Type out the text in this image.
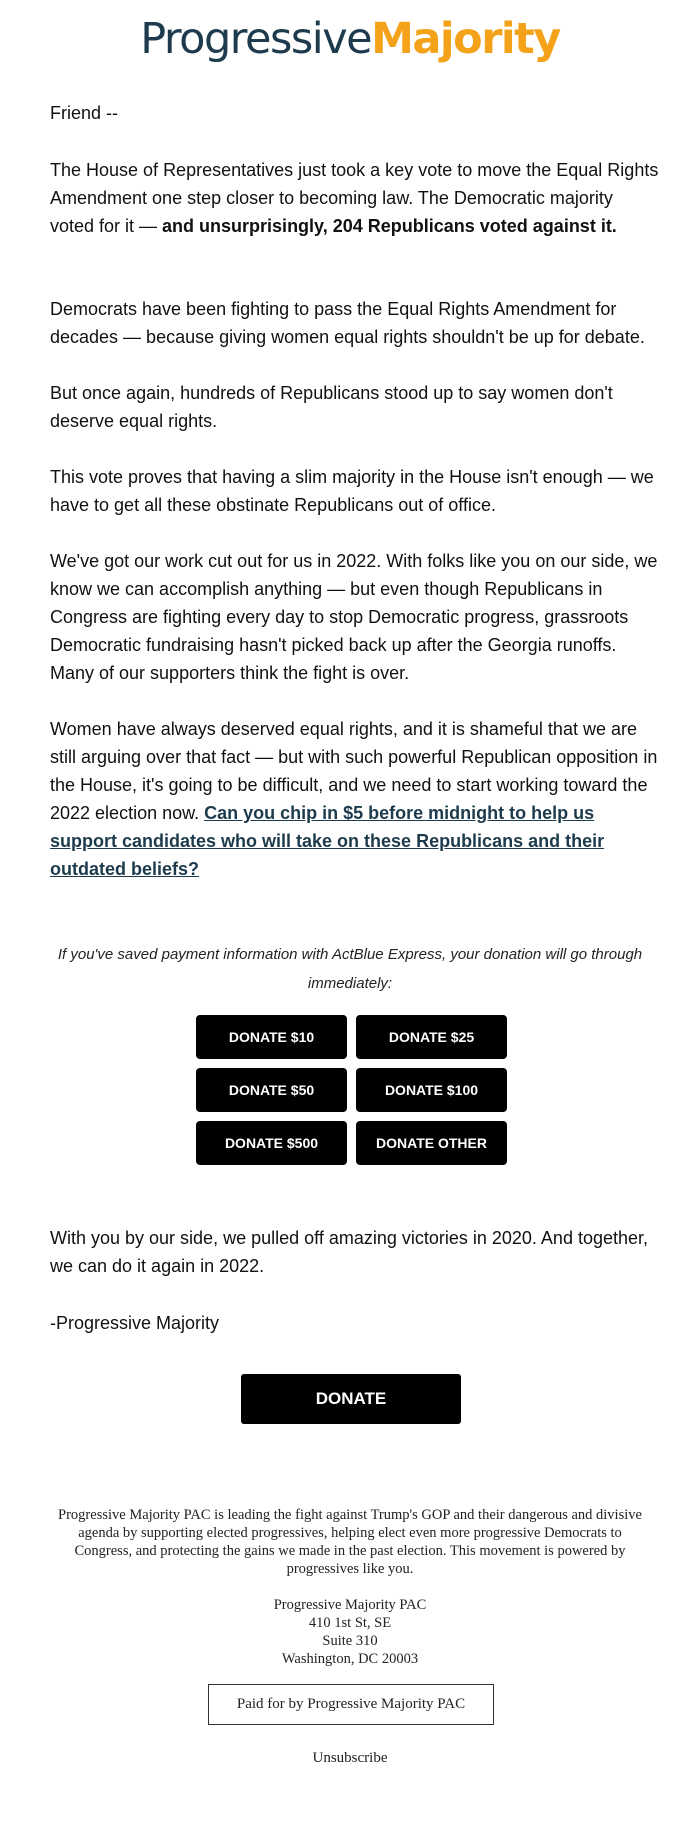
ProgressiveMajority
Friend --
The House of Representatives just took a key vote to move the Equal Rights Amendment one step closer to becoming law. The Democratic majority voted for it — and unsurprisingly, 204 Republicans voted against it.
Democrats have been fighting to pass the Equal Rights Amendment for decades — because giving women equal rights shouldn't be up for debate.
But once again, hundreds of Republicans stood up to say women don't deserve equal rights.
This vote proves that having a slim majority in the House isn't enough — we have to get all these obstinate Republicans out of office.
We've got our work cut out for us in 2022. With folks like you on our side, we know we can accomplish anything — but even though Republicans in Congress are fighting every day to stop Democratic progress, grassroots Democratic fundraising hasn't picked back up after the Georgia runoffs. Many of our supporters think the fight is over.
Women have always deserved equal rights, and it is shameful that we are still arguing over that fact — but with such powerful Republican opposition in the House, it's going to be difficult, and we need to start working toward the 2022 election now. Can you chip in $5 before midnight to help us support candidates who will take on these Republicans and their outdated beliefs?
If you've saved payment information with ActBlue Express, your donation will go through immediately:
DONATE $10	DONATE $25
DONATE $50	DONATE $100
DONATE $500	DONATE OTHER
With you by our side, we pulled off amazing victories in 2020. And together, we can do it again in 2022.
-Progressive Majority
DONATE
Progressive Majority PAC is leading the fight against Trump's GOP and their dangerous and divisive agenda by supporting elected progressives, helping elect even more progressive Democrats to Congress, and protecting the gains we made in the past election. This movement is powered by progressives like you.
Progressive Majority PAC
410 1st St, SE
Suite 310
Washington, DC 20003
Paid for by Progressive Majority PAC
Unsubscribe
